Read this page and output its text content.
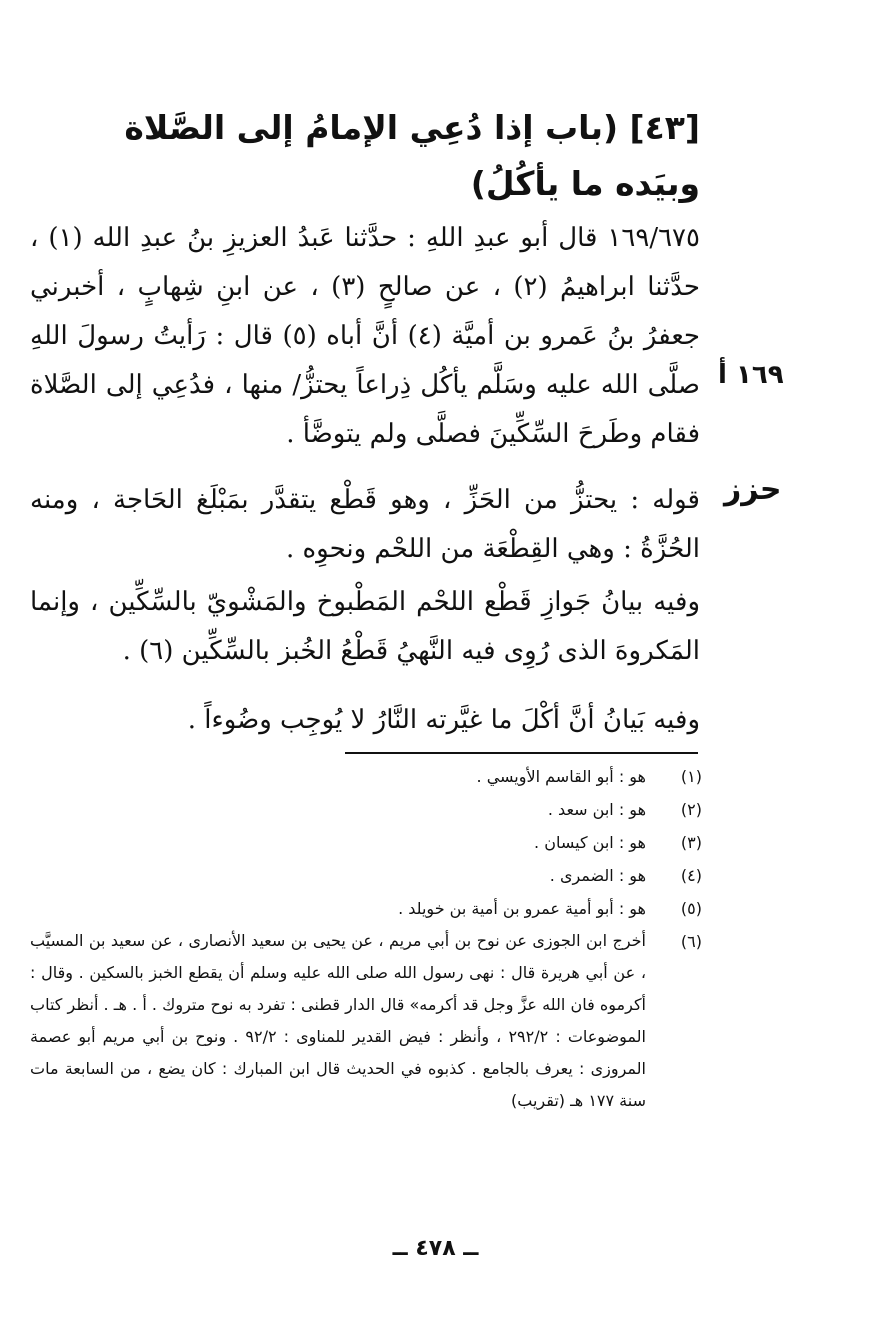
[٤٣] (باب إذا دُعِي الإمامُ إلى الصَّلاة وبيَده ما يأكُلُ)
١٦٩/٦٧٥ قال أبو عبدِ اللهِ : حدَّثنا عَبدُ العزيزِ بنُ عبدِ الله (١) ، حدَّثنا ابراهيمُ (٢) ، عن صالحٍ (٣) ، عن ابنِ شِهابٍ ، أخبرني جعفرُ بنُ عَمرو بن أميَّة (٤) أنَّ أباه (٥) قال : رَأيتُ رسولَ اللهِ صلَّى الله عليه وسَلَّم يأكُل ذِراعاً يحتزُّ/ منها ، فدُعِي إلى الصَّلاة فقام وطَرحَ السِّكِّينَ فصلَّى ولم يتوضَّأ .
١٦٩ أ
حزز
قوله : يحتزُّ من الحَزِّ ، وهو قَطْع يتقدَّر بمَبْلَغ الحَاجة ، ومنه الحُزَّةُ : وهي القِطْعَة من اللحْم ونحوِه .
وفيه بيانُ جَوازِ قَطْع اللحْم المَطْبوخ والمَشْويّ بالسِّكِّين ، وإنما المَكروهَ الذى رُوِى فيه النَّهيُ قَطْعُ الخُبز بالسِّكِّين (٦) .
وفيه بَيانُ أنَّ أكْلَ ما غيَّرته النَّارُ لا يُوجِب وضُوءاً .
(١)
هو : أبو القاسم الأويسي .
(٢)
هو : ابن سعد .
(٣)
هو : ابن كيسان .
(٤)
هو : الضمرى .
(٥)
هو : أبو أمية عمرو بن أمية بن خويلد .
(٦)
أخرج ابن الجوزى عن نوح بن أبي مريم ، عن يحيى بن سعيد الأنصارى ، عن سعيد بن المسيَّب ، عن أبي هريرة قال : نهى رسول الله صلى الله عليه وسلم أن يقطع الخبز بالسكين . وقال : أكرموه فان الله عزَّ وجل قد أكرمه» قال الدار قطنى : تفرد به نوح متروك . أ . هـ . أنظر كتاب الموضوعات : ٢٩٢/٢ ، وأنظر : فيض القدير للمناوى : ٩٢/٢ . ونوح بن أبي مريم أبو عصمة المروزى : يعرف بالجامع . كذبوه في الحديث قال ابن المبارك : كان يضع ، من السابعة مات سنة ١٧٧ هـ (تقريب)
ــ ٤٧٨ ــ
